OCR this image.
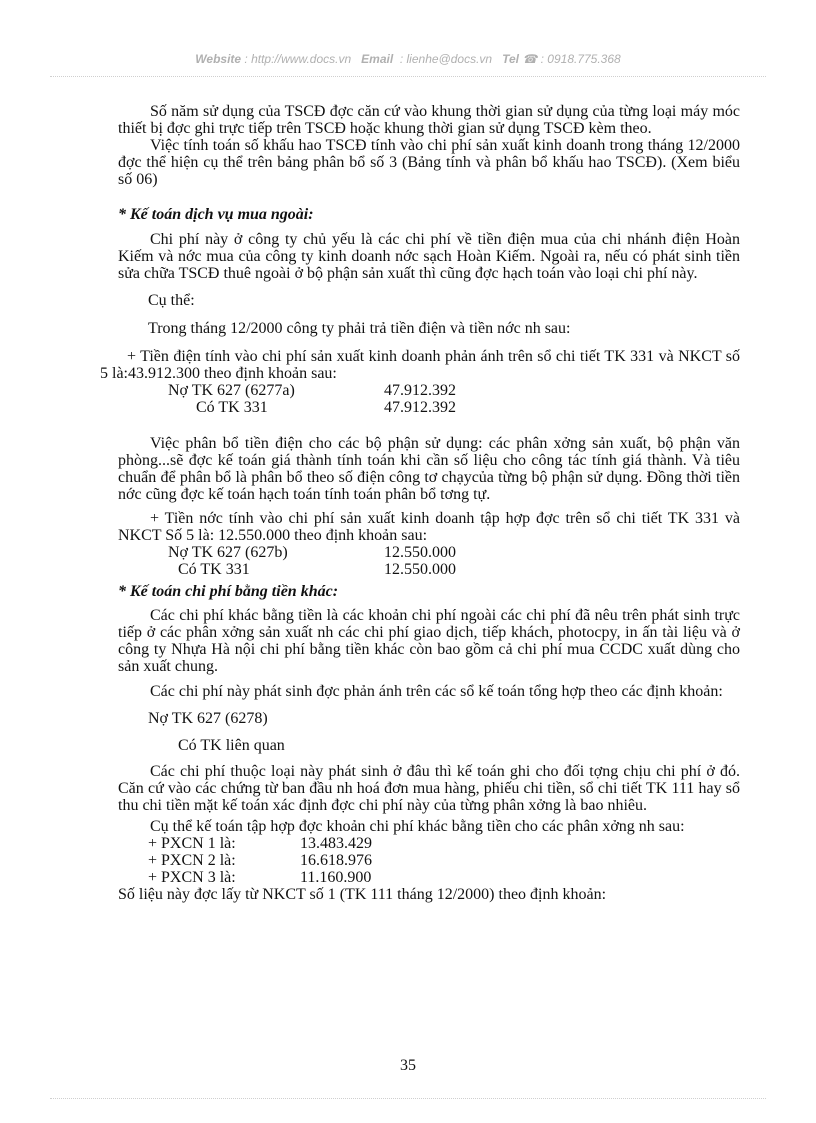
Website : http://www.docs.vn Email : lienhe@docs.vn Tel ☎ : 0918.775.368

Số năm sử dụng của TSCĐ đợc căn cứ vào khung thời gian sử dụng của từng loại máy móc thiết bị đợc ghi trực tiếp trên TSCĐ hoặc khung thời gian sử dụng TSCĐ kèm theo.

Việc tính toán số khấu hao TSCĐ tính vào chi phí sản xuất kinh doanh trong tháng 12/2000 đợc thể hiện cụ thể trên bảng phân bổ số 3 (Bảng tính và phân bổ khấu hao TSCĐ). (Xem biểu số 06)

* Kế toán dịch vụ mua ngoài:

Chi phí này ở công ty chủ yếu là các chi phí về tiền điện mua của chi nhánh điện Hoàn Kiếm và nớc mua của công ty kinh doanh nớc sạch Hoàn Kiếm. Ngoài ra, nếu có phát sinh tiền sửa chữa TSCĐ thuê ngoài ở bộ phận sản xuất thì cũng đợc hạch toán vào loại chi phí này.

Cụ thể:

Trong tháng 12/2000 công ty phải trả tiền điện và tiền nớc nh sau:

+ Tiền điện tính vào chi phí sản xuất kinh doanh phản ánh trên sổ chi tiết TK 331 và NKCT số 5 là:43.912.300 theo định khoản sau:

Nợ TK 627 (6277a)	47.912.392
Có TK 331	47.912.392

Việc phân bổ tiền điện cho các bộ phận sử dụng: các phân xởng sản xuất, bộ phận văn phòng...sẽ đợc kế toán giá thành tính toán khi cần số liệu cho công tác tính giá thành. Và tiêu chuẩn để phân bổ là phân bổ theo số điện công tơ chạycủa từng bộ phận sử dụng. Đồng thời tiền nớc cũng đợc kế toán hạch toán tính toán phân bổ tơng tự.

+ Tiền nớc tính vào chi phí sản xuất kinh doanh tập hợp đợc trên sổ chi tiết TK 331 và NKCT Số 5 là: 12.550.000 theo định khoản sau:

Nợ TK 627 (627b)	12.550.000
Có TK 331	12.550.000

* Kế toán chi phí bằng tiền khác:

Các chi phí khác bằng tiền là các khoản chi phí ngoài các chi phí đã nêu trên phát sinh trực tiếp ở các phân xởng sản xuất nh các chi phí giao dịch, tiếp khách, photocpy, in ấn tài liệu và ở công ty Nhựa Hà nội chi phí bằng tiền khác còn bao gồm cả chi phí mua CCDC xuất dùng cho sản xuất chung.

Các chi phí này phát sinh đợc phản ánh trên các sổ kế toán tổng hợp theo các định khoản:

Nợ TK 627 (6278)

Có TK liên quan

Các chi phí thuộc loại này phát sinh ở đâu thì kế toán ghi cho đối tợng chịu chi phí ở đó. Căn cứ vào các chứng từ ban đầu nh hoá đơn mua hàng, phiếu chi tiền, sổ chi tiết TK 111 hay sổ thu chi tiền mặt kế toán xác định đợc chi phí này của từng phân xởng là bao nhiêu.

Cụ thể kế toán tập hợp đợc khoản chi phí khác bằng tiền cho các phân xởng nh sau:

+ PXCN 1 là:	13.483.429
+ PXCN 2 là:	16.618.976
+ PXCN 3 là:	11.160.900

Số liệu này đợc lấy từ NKCT số 1 (TK 111 tháng 12/2000) theo định khoản:

35
